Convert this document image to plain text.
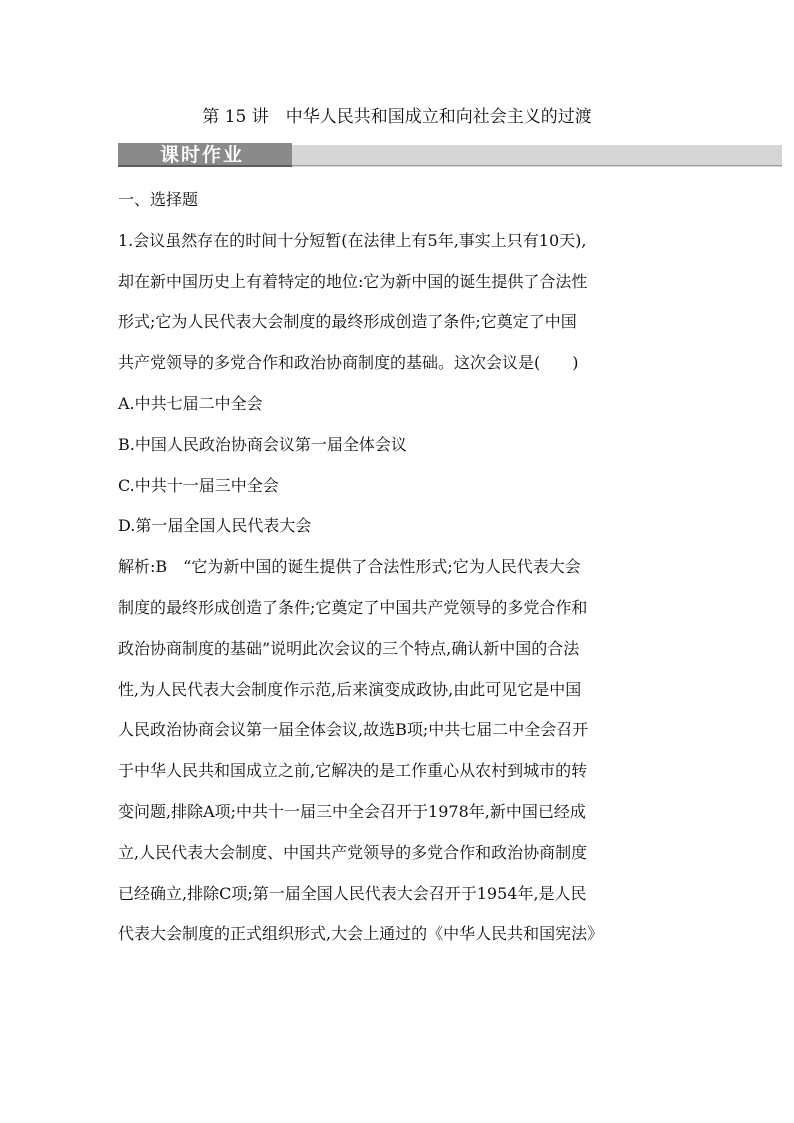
第 15 讲　中华人民共和国成立和向社会主义的过渡
课时作业
一、选择题
1.会议虽然存在的时间十分短暂(在法律上有5年,事实上只有10天),
却在新中国历史上有着特定的地位:它为新中国的诞生提供了合法性
形式;它为人民代表大会制度的最终形成创造了条件;它奠定了中国
共产党领导的多党合作和政治协商制度的基础。这次会议是(　　)
A.中共七届二中全会
B.中国人民政治协商会议第一届全体会议
C.中共十一届三中全会
D.第一届全国人民代表大会
解析:B　“它为新中国的诞生提供了合法性形式;它为人民代表大会
制度的最终形成创造了条件;它奠定了中国共产党领导的多党合作和
政治协商制度的基础”说明此次会议的三个特点,确认新中国的合法
性,为人民代表大会制度作示范,后来演变成政协,由此可见它是中国
人民政治协商会议第一届全体会议,故选B项;中共七届二中全会召开
于中华人民共和国成立之前,它解决的是工作重心从农村到城市的转
变问题,排除A项;中共十一届三中全会召开于1978年,新中国已经成
立,人民代表大会制度、中国共产党领导的多党合作和政治协商制度
已经确立,排除C项;第一届全国人民代表大会召开于1954年,是人民
代表大会制度的正式组织形式,大会上通过的《中华人民共和国宪法》
